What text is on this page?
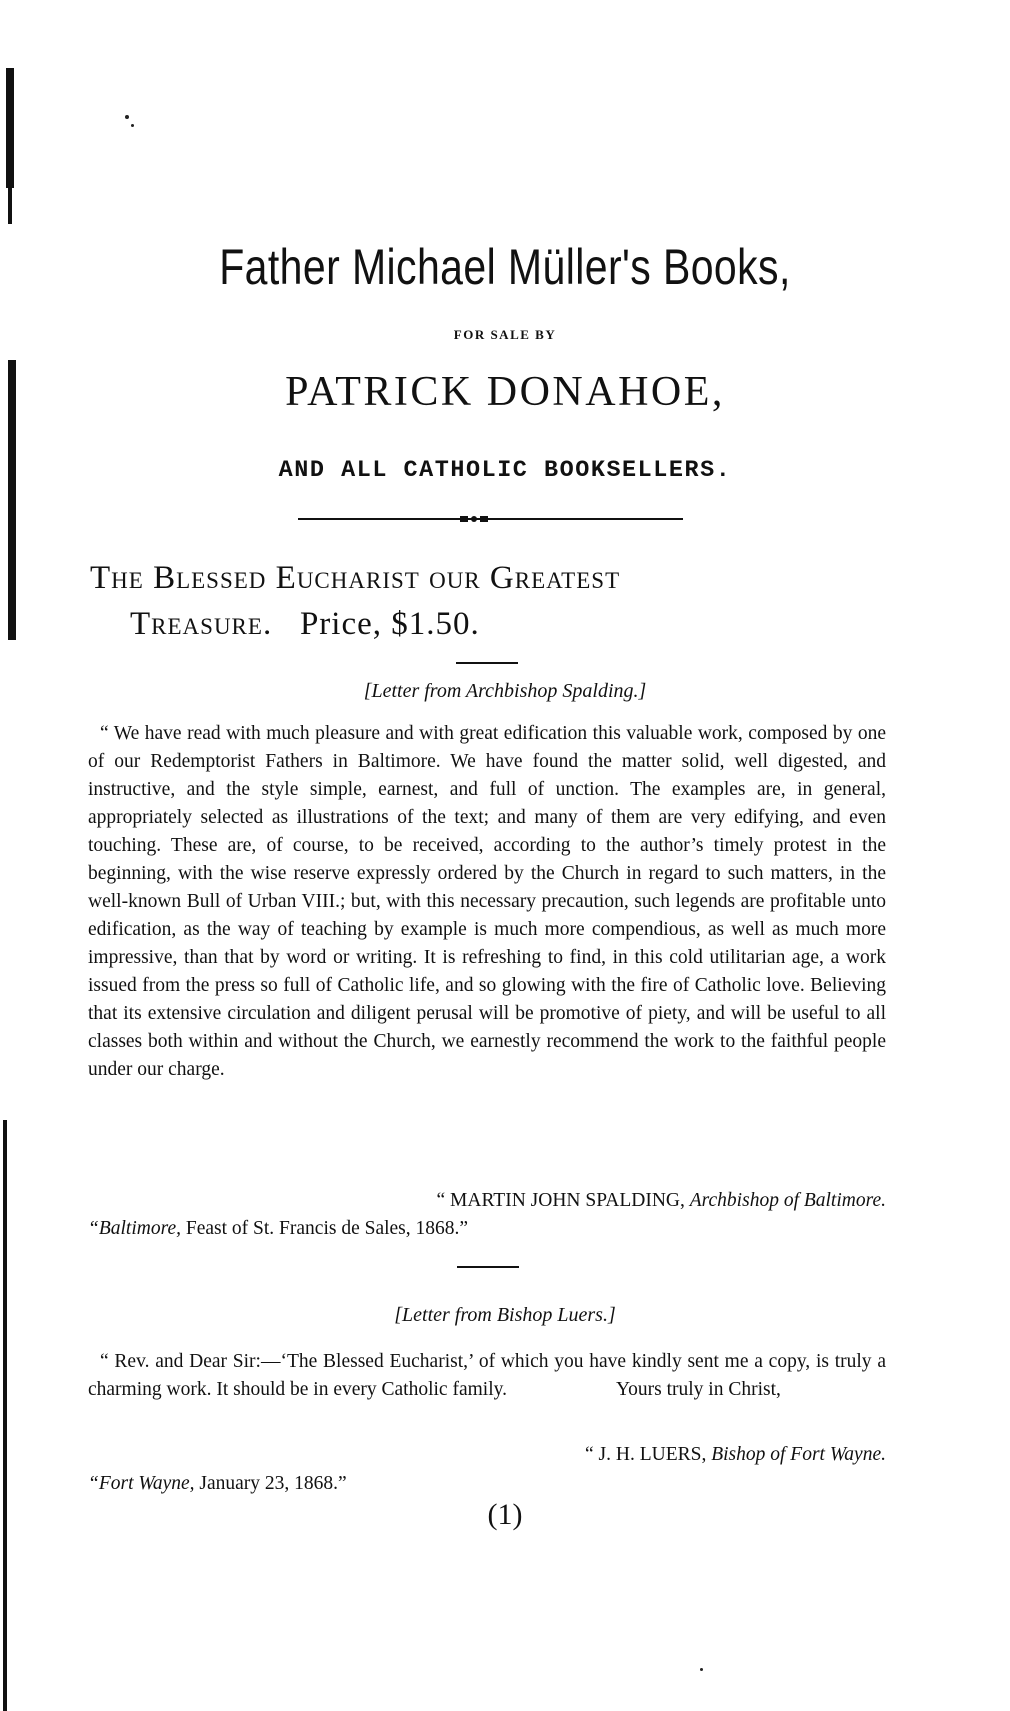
Father Michael Müller's Books,
FOR SALE BY
PATRICK DONAHOE,
AND ALL CATHOLIC BOOKSELLERS.
The Blessed Eucharist our Greatest
Treasure. Price, $1.50.
[Letter from Archbishop Spalding.]
“ We have read with much pleasure and with great edification this valuable work, composed by one of our Redemptorist Fathers in Baltimore. We have found the matter solid, well digested, and instructive, and the style simple, earnest, and full of unction. The examples are, in general, appropriately selected as illustrations of the text; and many of them are very edifying, and even touching. These are, of course, to be received, according to the author’s timely protest in the beginning, with the wise reserve expressly ordered by the Church in regard to such matters, in the well-known Bull of Urban VIII.; but, with this necessary precaution, such legends are profitable unto edification, as the way of teaching by example is much more compendious, as well as much more impressive, than that by word or writing. It is refreshing to find, in this cold utilitarian age, a work issued from the press so full of Catholic life, and so glowing with the fire of Catholic love. Believing that its extensive circulation and diligent perusal will be promotive of piety, and will be useful to all classes both within and without the Church, we earnestly recommend the work to the faithful people under our charge.
“ MARTIN JOHN SPALDING, Archbishop of Baltimore.
“Baltimore, Feast of St. Francis de Sales, 1868.”
[Letter from Bishop Luers.]
“ Rev. and Dear Sir:—‘The Blessed Eucharist,’ of which you have kindly sent me a copy, is truly a charming work. It should be in every Catholic family.	Yours truly in Christ,
“ J. H. LUERS, Bishop of Fort Wayne.
“Fort Wayne, January 23, 1868.”
(1)
